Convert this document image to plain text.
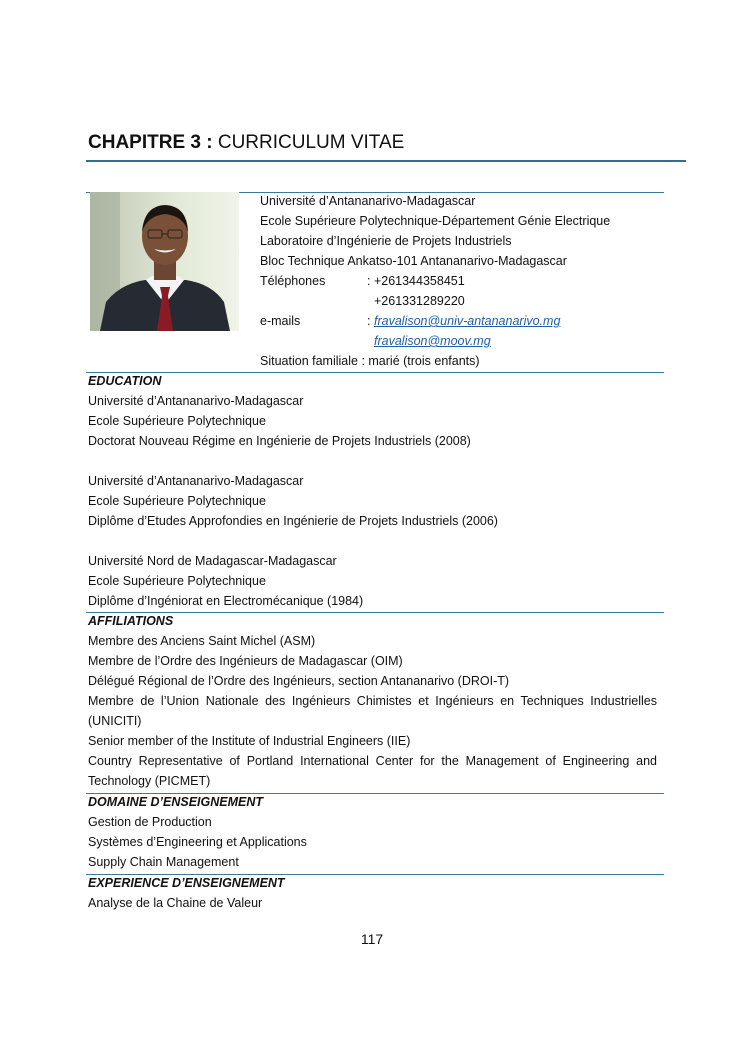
CHAPITRE 3 : CURRICULUM VITAE
Université d’Antananarivo-Madagascar
Ecole Supérieure Polytechnique-Département Génie Electrique
Laboratoire d’Ingénierie de Projets Industriels
Bloc Technique Ankatso-101 Antananarivo-Madagascar
Téléphones	: +261344358451
+261331289220
e-mails	: fravalison@univ-antananarivo.mg
fravalison@moov.mg
Situation familiale : marié (trois enfants)
EDUCATION
Université d’Antananarivo-Madagascar
Ecole Supérieure Polytechnique
Doctorat Nouveau Régime en Ingénierie de Projets Industriels (2008)
Université d’Antananarivo-Madagascar
Ecole Supérieure Polytechnique
Diplôme d’Etudes Approfondies en Ingénierie de Projets Industriels (2006)
Université Nord de Madagascar-Madagascar
Ecole Supérieure Polytechnique
Diplôme d’Ingéniorat en Electromécanique (1984)
AFFILIATIONS
Membre des Anciens Saint Michel (ASM)
Membre de l’Ordre des Ingénieurs de Madagascar (OIM)
Délégué Régional de l’Ordre des Ingénieurs, section Antananarivo (DROI-T)
Membre de l’Union Nationale des Ingénieurs Chimistes et Ingénieurs en Techniques Industrielles (UNICITI)
Senior member of the Institute of Industrial Engineers (IIE)
Country Representative of Portland International Center for the Management of Engineering and Technology (PICMET)
DOMAINE D’ENSEIGNEMENT
Gestion de Production
Systèmes d’Engineering et Applications
Supply Chain Management
EXPERIENCE D’ENSEIGNEMENT
Analyse de la Chaine de Valeur
117
